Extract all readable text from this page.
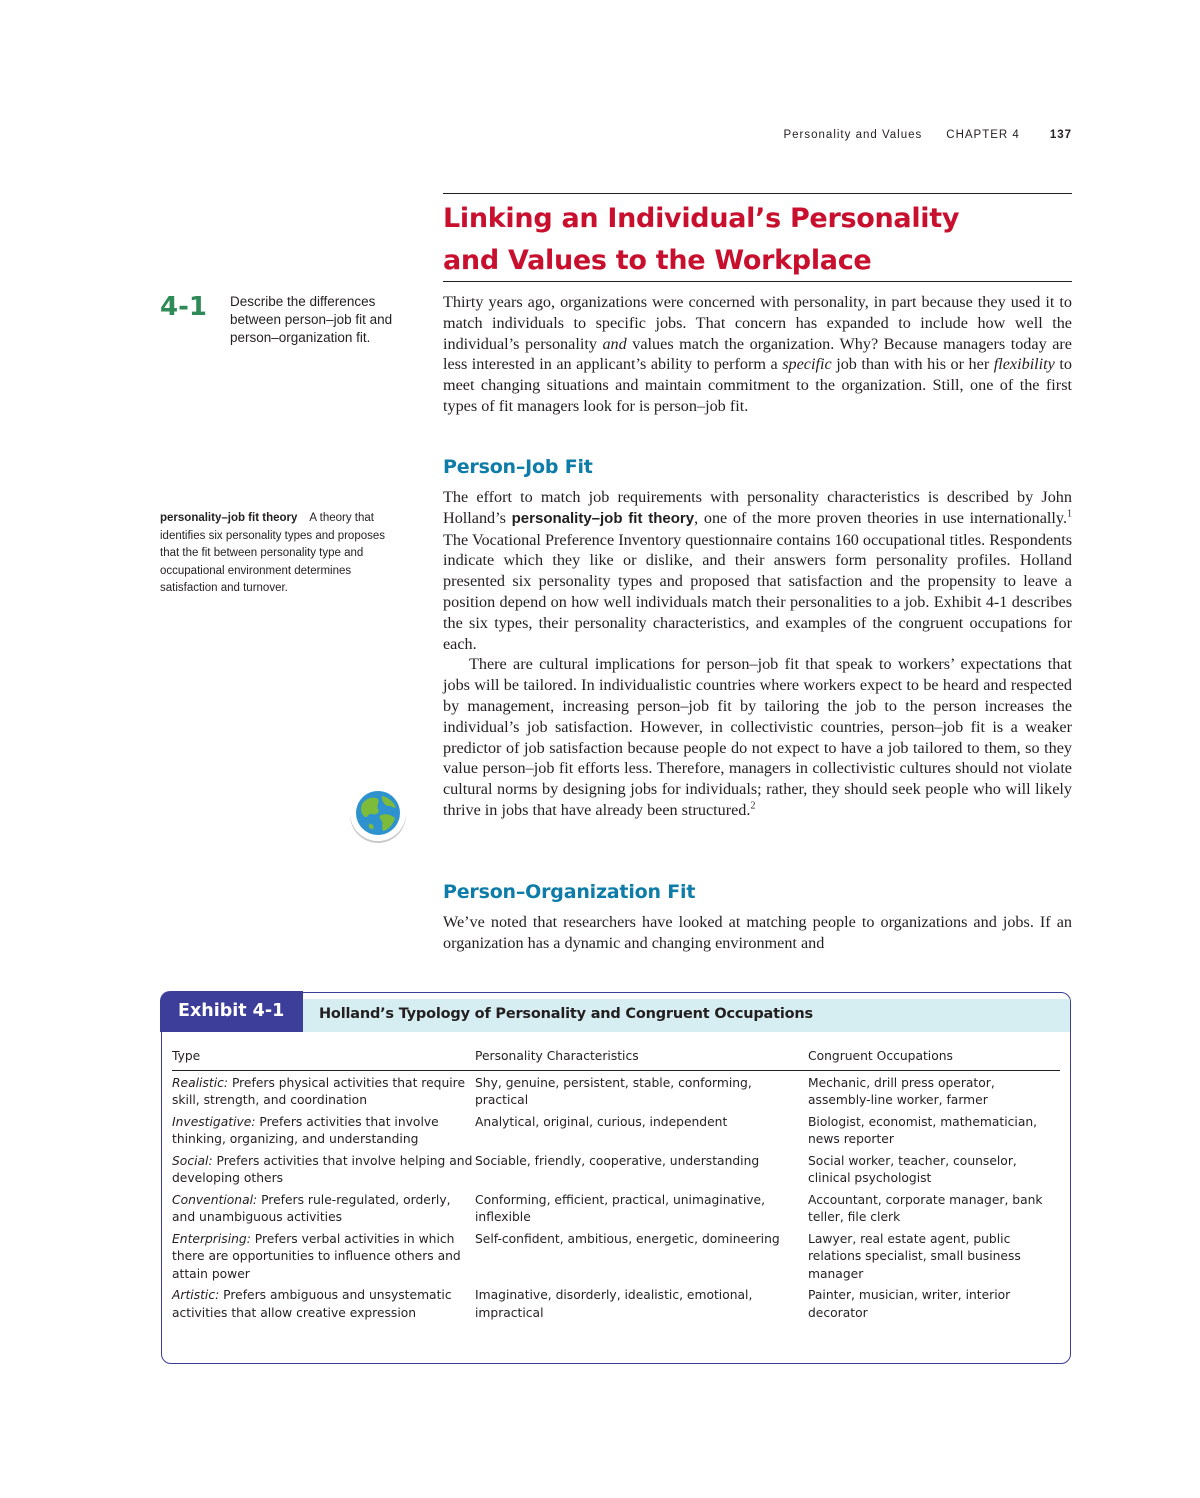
Personality and Values CHAPTER 4	137
Linking an Individual’s Personality
and Values to the Workplace
4-1 Describe the differences between person–job fit and person–organization fit.
Thirty years ago, organizations were concerned with personality, in part because they used it to match individuals to specific jobs. That concern has expanded to include how well the individual’s personality and values match the organization. Why? Because managers today are less interested in an applicant’s ability to perform a specific job than with his or her flexibility to meet changing situations and maintain commitment to the organization. Still, one of the first types of fit managers look for is person–job fit.
Person–Job Fit

The effort to match job requirements with personality characteristics is described by John Holland’s personality–job fit theory, one of the more proven theories in use internationally.$^1$ The Vocational Preference Inventory questionnaire contains 160 occupational titles. Respondents indicate which they like or dislike, and their answers form personality profiles. Holland presented six personality types and proposed that satisfaction and the propensity to leave a position depend on how well individuals match their personalities to a job. Exhibit 4-1 describes the six types, their personality characteristics, and examples of the congruent occupations for each.

There are cultural implications for person–job fit that speak to workers’ expectations that jobs will be tailored. In individualistic countries where workers expect to be heard and respected by management, increasing person–job fit by tailoring the job to the person increases the individual’s job satisfaction. However, in collectivistic countries, person–job fit is a weaker predictor of job satisfaction because people do not expect to have a job tailored to them, so they value person–job fit efforts less. Therefore, managers in collectivistic cultures should not violate cultural norms by designing jobs for individuals; rather, they should seek people who will likely thrive in jobs that have already been structured.$^2$

personality–job fit theory A theory that identifies six personality types and proposes that the fit between personality type and occupational environment determines satisfaction and turnover.
Person–Organization Fit
We’ve noted that researchers have looked at matching people to organizations and jobs. If an organization has a dynamic and changing environment and
Exhibit 4-1	Holland’s Typology of Personality and Congruent Occupations
Type	Personality Characteristics	Congruent Occupations
Realistic: Prefers physical activities that require skill, strength, and coordination	Shy, genuine, persistent, stable, conforming, practical	Mechanic, drill press operator, assembly-line worker, farmer
Investigative: Prefers activities that involve thinking, organizing, and understanding	Analytical, original, curious, independent	Biologist, economist, mathematician, news reporter
Social: Prefers activities that involve helping and developing others	Sociable, friendly, cooperative, understanding	Social worker, teacher, counselor, clinical psychologist
Conventional: Prefers rule-regulated, orderly, and unambiguous activities	Conforming, efficient, practical, unimaginative, inflexible	Accountant, corporate manager, bank teller, file clerk
Enterprising: Prefers verbal activities in which there are opportunities to influence others and attain power	Self-confident, ambitious, energetic, domineering	Lawyer, real estate agent, public relations specialist, small business manager
Artistic: Prefers ambiguous and unsystematic activities that allow creative expression	Imaginative, disorderly, idealistic, emotional, impractical	Painter, musician, writer, interior decorator
